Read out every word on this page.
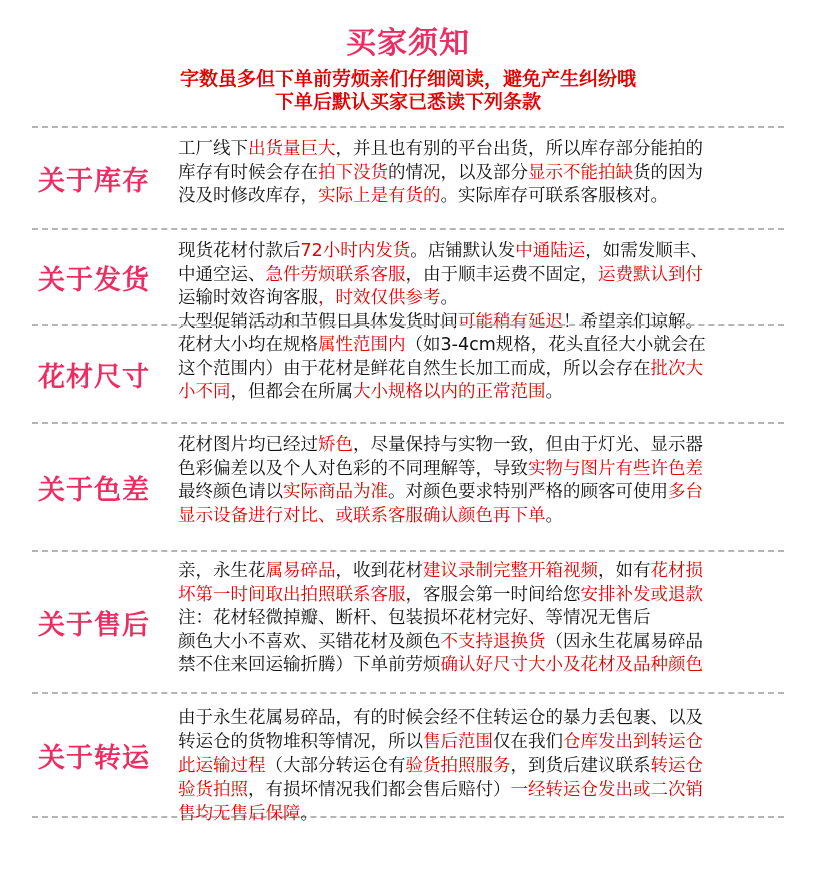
买家须知
字数虽多但下单前劳烦亲们仔细阅读，避免产生纠纷哦
下单后默认买家已悉读下列条款
关于库存
工厂线下出货量巨大，并且也有别的平台出货，所以库存部分能拍的
库存有时候会存在拍下没货的情况，以及部分显示不能拍缺货的因为
没及时修改库存，实际上是有货的。实际库存可联系客服核对。
关于发货
现货花材付款后72小时内发货。店铺默认发中通陆运，如需发顺丰、
中通空运、急件劳烦联系客服，由于顺丰运费不固定，运费默认到付
运输时效咨询客服，时效仅供参考。
大型促销活动和节假日具体发货时间可能稍有延迟！希望亲们谅解。
花材尺寸
花材大小均在规格属性范围内（如3-4cm规格，花头直径大小就会在
这个范围内）由于花材是鲜花自然生长加工而成，所以会存在批次大
小不同，但都会在所属大小规格以内的正常范围。
关于色差
花材图片均已经过矫色，尽量保持与实物一致，但由于灯光、显示器
色彩偏差以及个人对色彩的不同理解等，导致实物与图片有些许色差
最终颜色请以实际商品为准。对颜色要求特别严格的顾客可使用多台
显示设备进行对比、或联系客服确认颜色再下单。
关于售后
亲，永生花属易碎品，收到花材建议录制完整开箱视频，如有花材损
坏第一时间取出拍照联系客服，客服会第一时间给您安排补发或退款
注：花材轻微掉瓣、断杆、包装损坏花材完好、等情况无售后
颜色大小不喜欢、买错花材及颜色不支持退换货（因永生花属易碎品
禁不住来回运输折腾）下单前劳烦确认好尺寸大小及花材及品种颜色
关于转运
由于永生花属易碎品，有的时候会经不住转运仓的暴力丢包裹、以及
转运仓的货物堆积等情况，所以售后范围仅在我们仓库发出到转运仓
此运输过程（大部分转运仓有验货拍照服务，到货后建议联系转运仓
验货拍照，有损坏情况我们都会售后赔付）一经转运仓发出或二次销
售均无售后保障。
